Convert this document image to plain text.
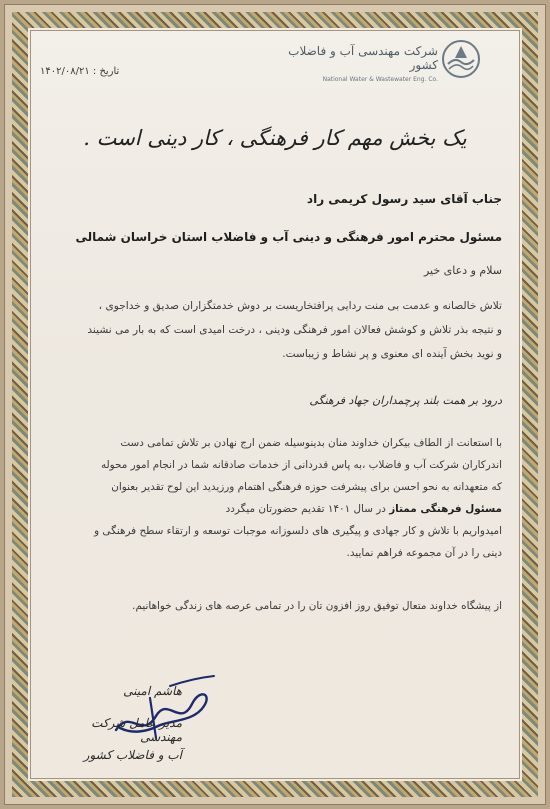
شرکت مهندسی آب و فاضلاب کشور
National Water & Wastewater Eng. Co.
تاریخ : ۱۴۰۲/۰۸/۲۱
یک بخش مهم کار فرهنگی ، کار دینی است .
جناب آقای سید رسول کریمی راد
مسئول محترم امور فرهنگی و دینی آب و فاضلاب استان خراسان شمالی
سلام و دعای خیر
تلاش خالصانه و عدمت بی منت ردایی پرافتخاریست بر دوش خدمتگزاران صدیق و خداجوی ،
و نتیجه بذر تلاش و کوشش فعالان امور فرهنگی ودینی ، درخت امیدی است که به بار می نشیند
و نوید بخش آینده ای معنوی و پر نشاط و زیباست.
درود بر همت بلند پرچمداران جهاد فرهنگی
با استعانت از الطاف بیکران خداوند منان بدینوسیله ضمن ارج نهادن بر تلاش تمامی دست
اندرکاران شرکت آب و فاضلاب ،به پاس قدردانی از خدمات صادقانه شما در انجام امور محوله
که متعهدانه به نحو احسن برای پیشرفت حوزه فرهنگی اهتمام ورزیدید این لوح تقدیر بعنوان
مسئول فرهنگی ممتاز در سال ۱۴۰۱ تقدیم حضورتان میگردد
امیدواریم با تلاش و کار جهادی و پیگیری های دلسوزانه موجبات توسعه و ارتقاء سطح فرهنگی و
دینی را در آن مجموعه فراهم نمایید.
از پیشگاه خداوند متعال توفیق روز افزون تان را در تمامی عرصه های زندگی خواهانیم.
هاشم امینی
مدیر عامل شرکت مهندسی
آب و فاضلاب کشور
